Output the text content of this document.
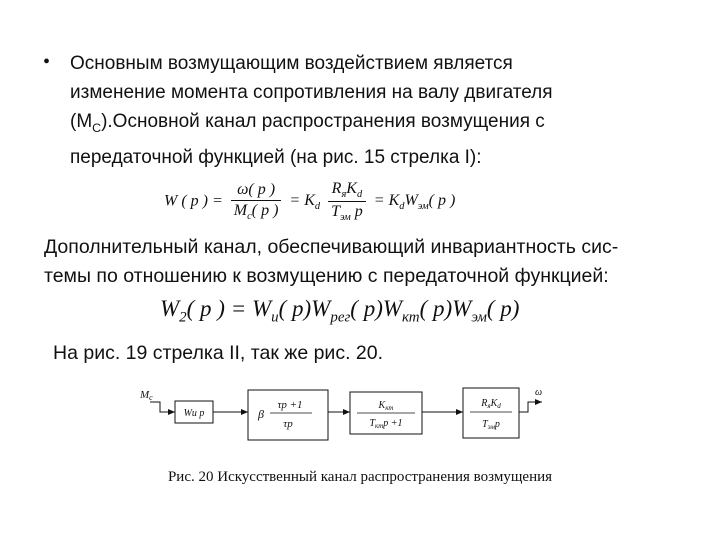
• Основным возмущающим воздействием является
изменение момента сопротивления на валу двигателя
$(М_С).Основной$ канал распространения возмущения с
передаточной функцией (на рис. 15 стрелка I):
W ( p ) = $\frac{\omega( p )}{M_c( p )} = K_d \frac{R_яK_d}{T_{эм} p} = K_dW_{эм}$( p )
Дополнительный канал, обеспечивающий инвариантность сис-
темы по отношению к возмущению с передаточной функцией:
$W_2$( p ) = $W_и$( $p)W_{рег}$( $p)W_{кт}$( $p)W_{эм}$( p)
На рис. 19 стрелка II, так же рис. 20.
Mc
Wи p	β
τp +1
τp
$K_{кт}$
$T_{кт}p +1$
$R_яK_d$
$T_{эм}p$
ω
Рис. 20 Искусственный канал распространения возмущения
